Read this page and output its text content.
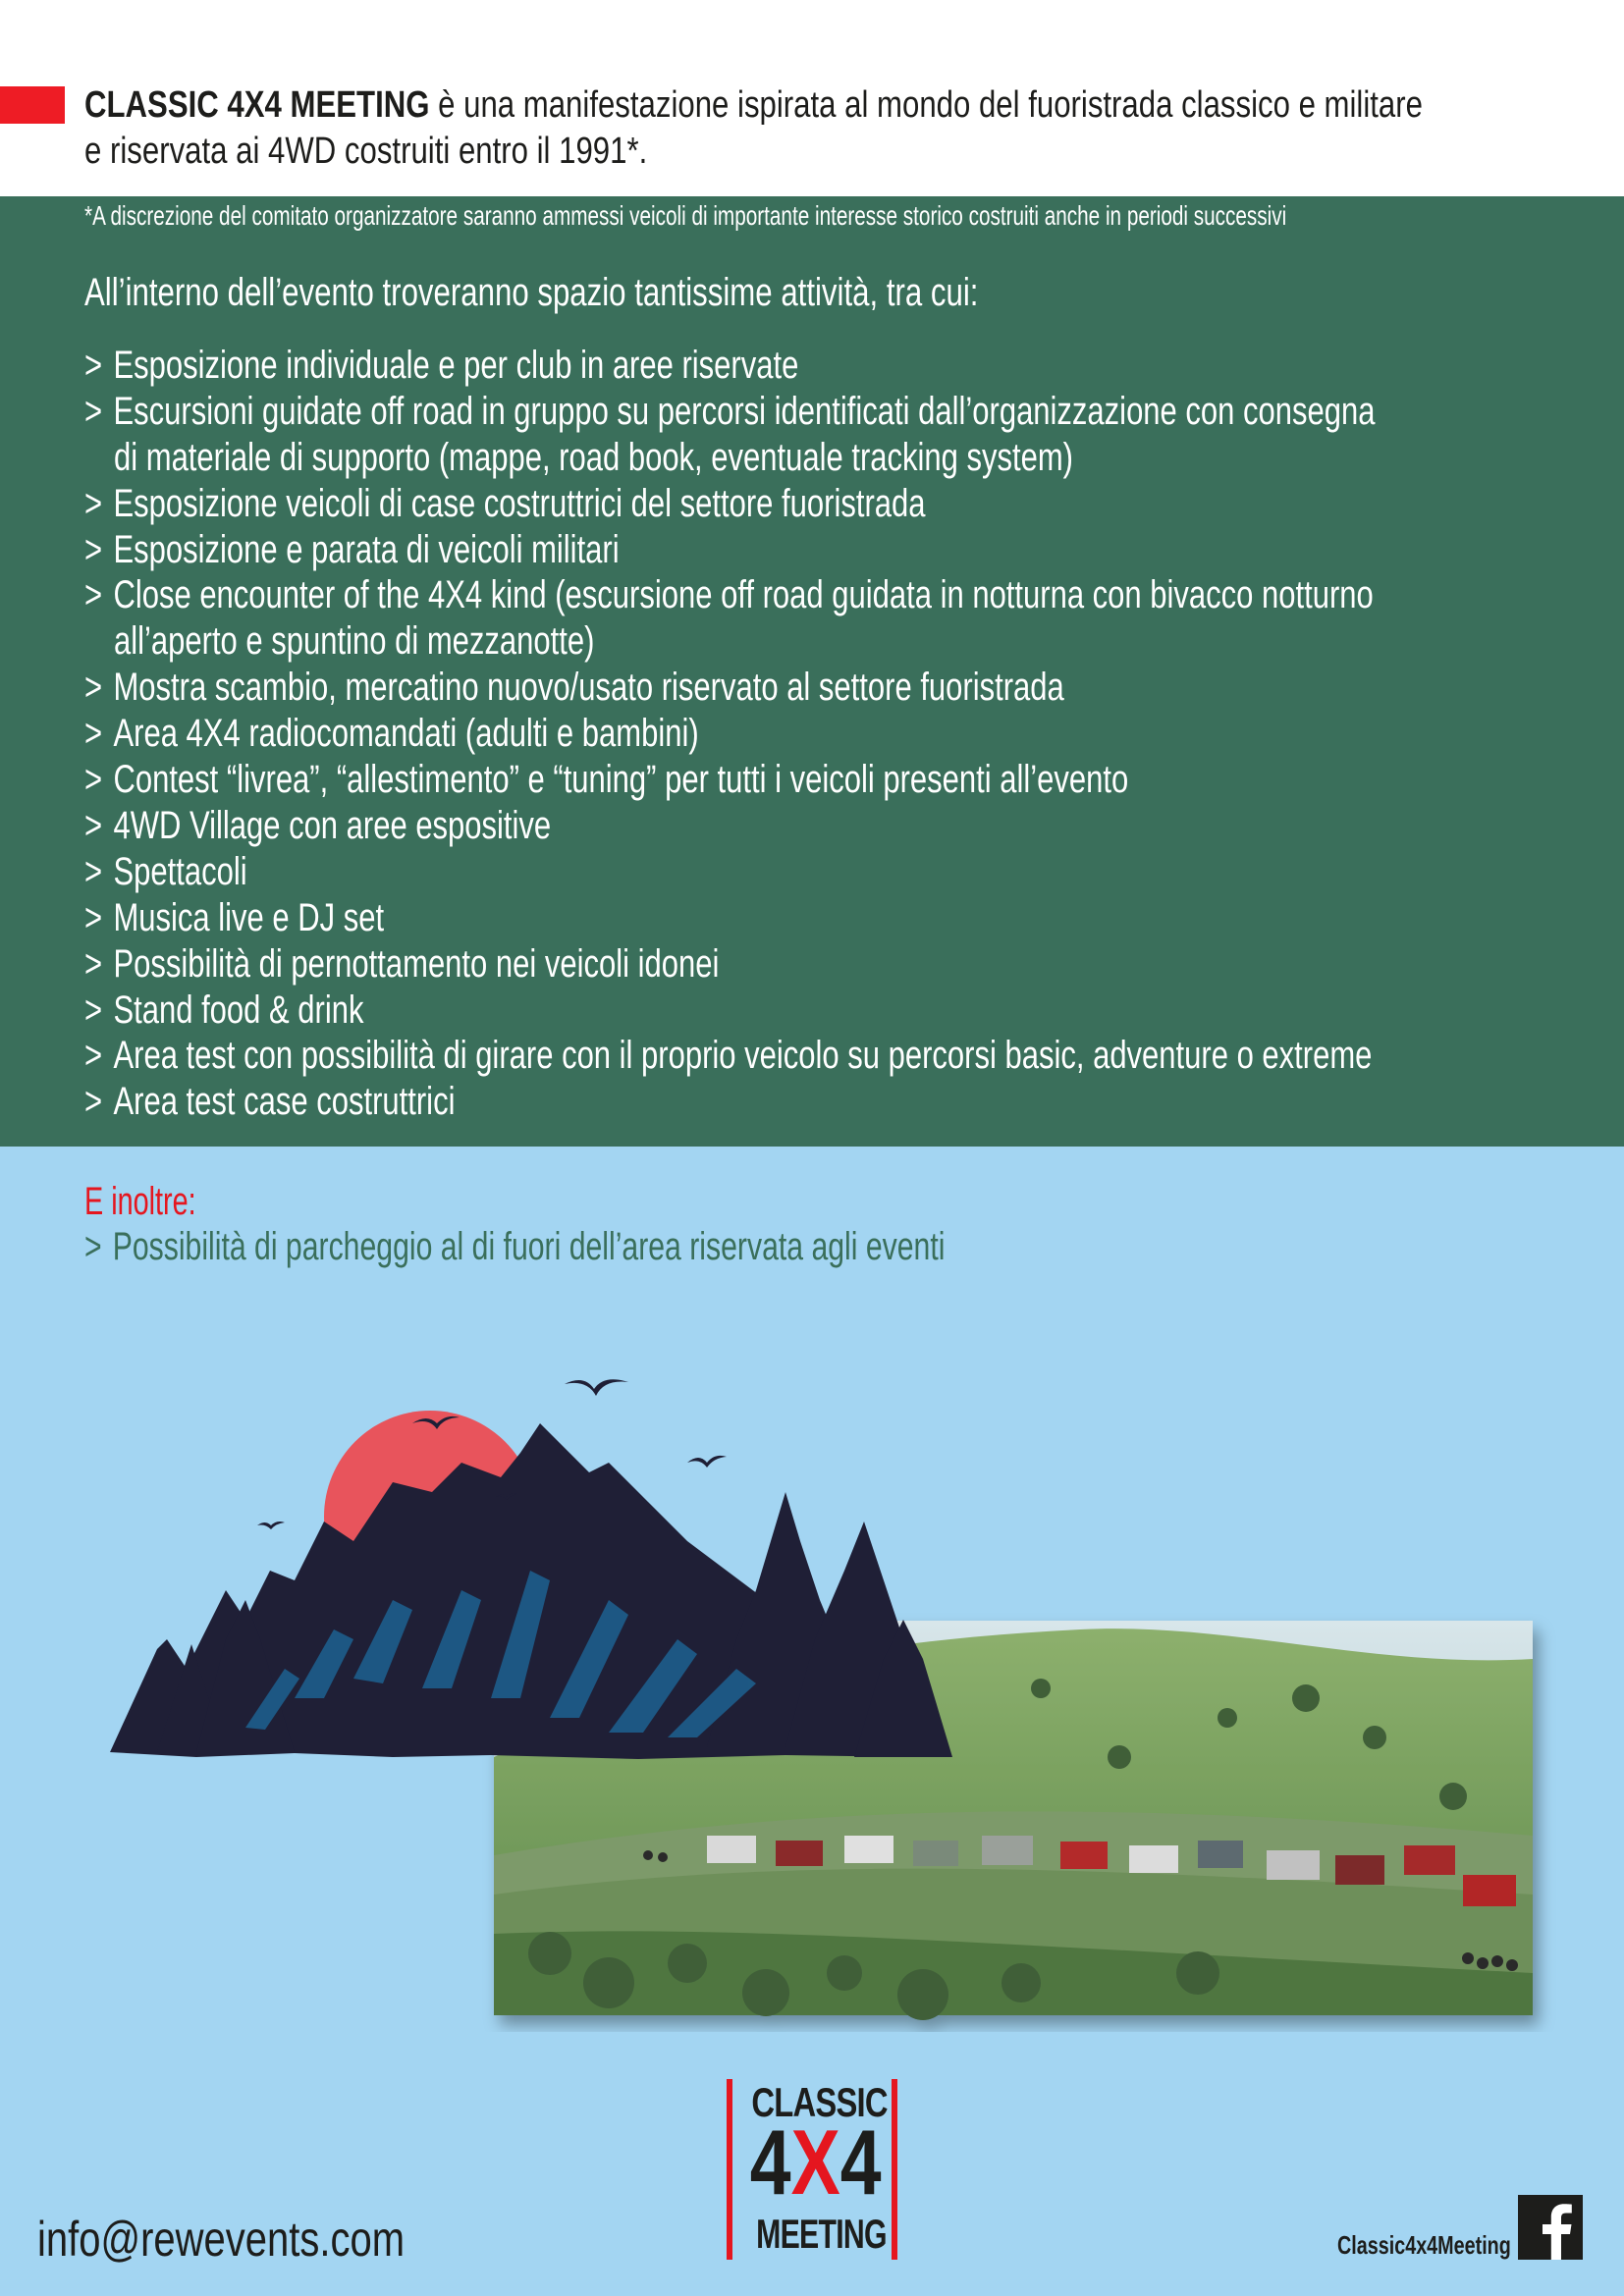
CLASSIC 4X4 MEETING è una manifestazione ispirata al mondo del fuoristrada classico e militare
e riservata ai 4WD costruiti entro il 1991*.
*A discrezione del comitato organizzatore saranno ammessi veicoli di importante interesse storico costruiti anche in periodi successivi
All’interno dell’evento troveranno spazio tantissime attività, tra cui:
> Esposizione individuale e per club in aree riservate
> Escursioni guidate off road in gruppo su percorsi identificati dall’organizzazione con consegna
di materiale di supporto (mappe, road book, eventuale tracking system)
> Esposizione veicoli di case costruttrici del settore fuoristrada
> Esposizione e parata di veicoli militari
> Close encounter of the 4X4 kind (escursione off road guidata in notturna con bivacco notturno
all’aperto e spuntino di mezzanotte)
> Mostra scambio, mercatino nuovo/usato riservato al settore fuoristrada
> Area 4X4 radiocomandati (adulti e bambini)
> Contest “livrea”, “allestimento” e “tuning” per tutti i veicoli presenti all’evento
> 4WD Village con aree espositive
> Spettacoli
> Musica live e DJ set
> Possibilità di pernottamento nei veicoli idonei
> Stand food & drink
> Area test con possibilità di girare con il proprio veicolo su percorsi basic, adventure o extreme
> Area test case costruttrici
E inoltre:
> Possibilità di parcheggio al di fuori dell’area riservata agli eventi
CLASSIC
4X4
MEETING
info@rewevents.com	Classic4x4Meeting
